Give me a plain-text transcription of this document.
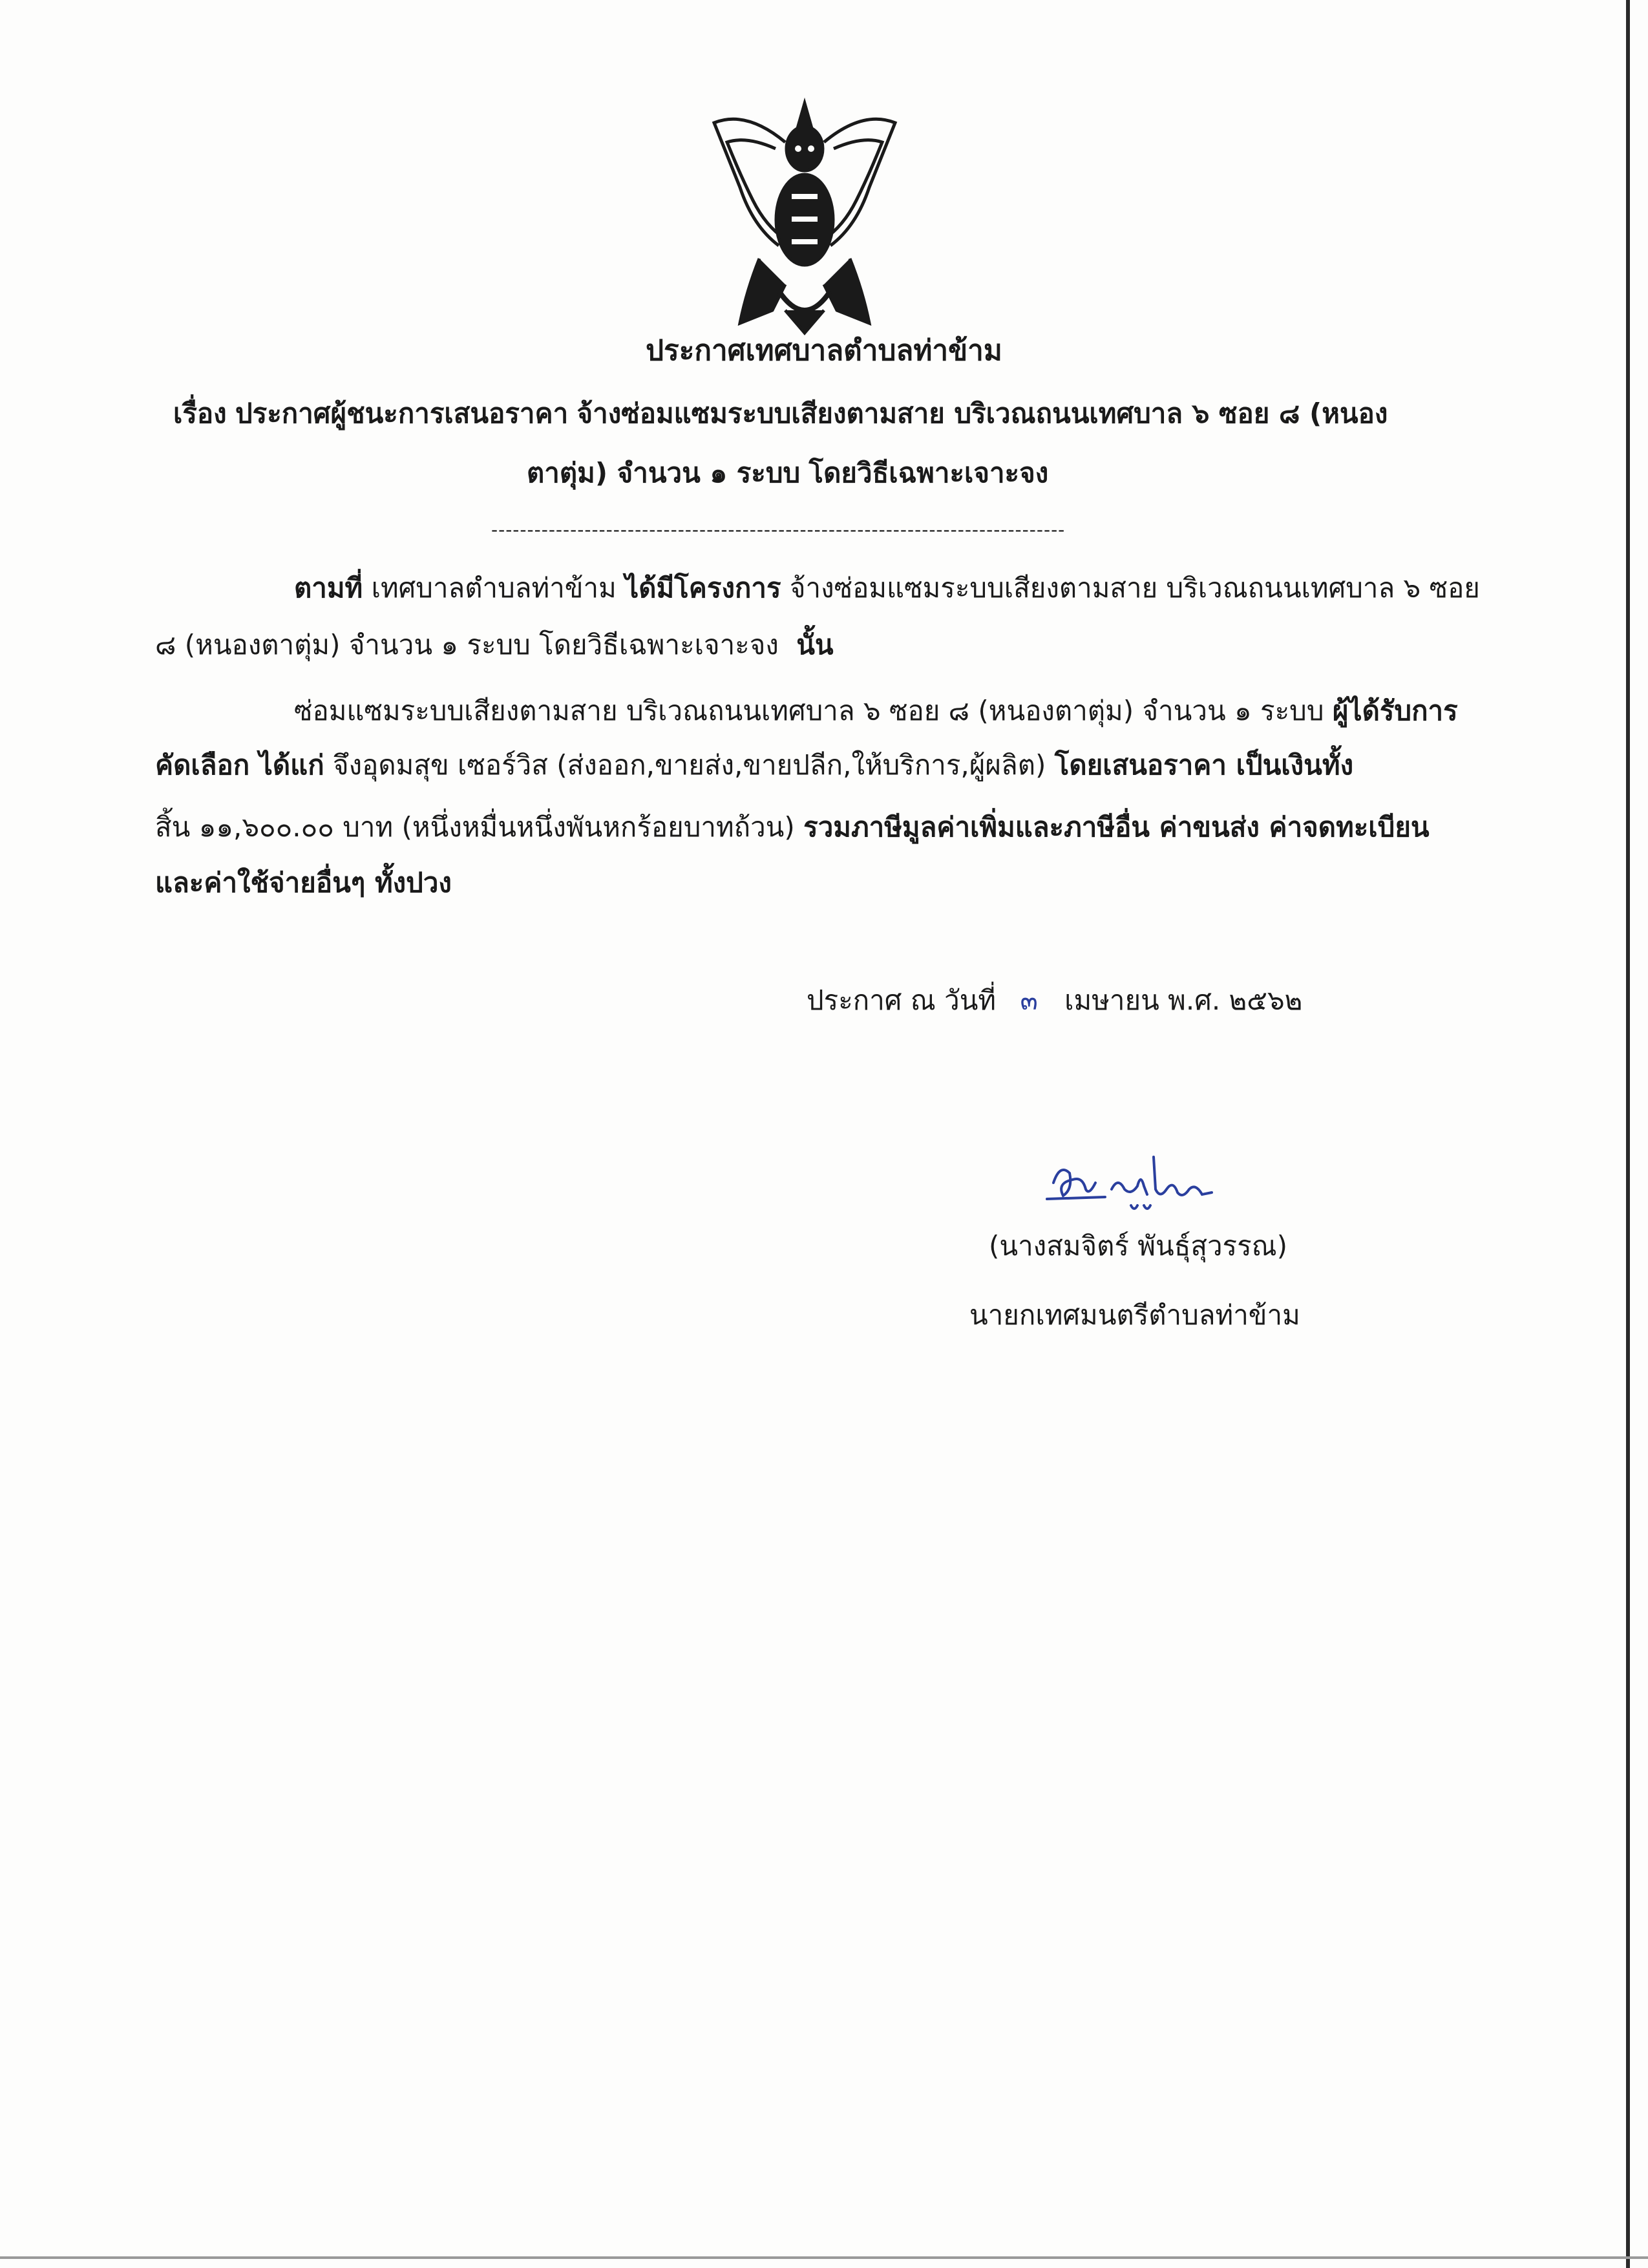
ประกาศเทศบาลตำบลท่าข้าม
เรื่อง ประกาศผู้ชนะการเสนอราคา จ้างซ่อมแซมระบบเสียงตามสาย บริเวณถนนเทศบาล ๖ ซอย ๘ (หนอง
ตาตุ่ม) จำนวน ๑ ระบบ โดยวิธีเฉพาะเจาะจง
--------------------------------------------------------------------------------
ตามที่ เทศบาลตำบลท่าข้าม ได้มีโครงการ จ้างซ่อมแซมระบบเสียงตามสาย บริเวณถนนเทศบาล ๖ ซอย
๘ (หนองตาตุ่ม) จำนวน ๑ ระบบ โดยวิธีเฉพาะเจาะจง นั้น
ซ่อมแซมระบบเสียงตามสาย บริเวณถนนเทศบาล ๖ ซอย ๘ (หนองตาตุ่ม) จำนวน ๑ ระบบ ผู้ได้รับการ
คัดเลือก ได้แก่ จึงอุดมสุข เซอร์วิส (ส่งออก,ขายส่ง,ขายปลีก,ให้บริการ,ผู้ผลิต) โดยเสนอราคา เป็นเงินทั้ง
สิ้น ๑๑,๖๐๐.๐๐ บาท (หนึ่งหมื่นหนึ่งพันหกร้อยบาทถ้วน) รวมภาษีมูลค่าเพิ่มและภาษีอื่น ค่าขนส่ง ค่าจดทะเบียน
และค่าใช้จ่ายอื่นๆ ทั้งปวง
ประกาศ ณ วันที่ ๓ เมษายน พ.ศ. ๒๕๖๒
(นางสมจิตร์ พันธุ์สุวรรณ)
นายกเทศมนตรีตำบลท่าข้าม
